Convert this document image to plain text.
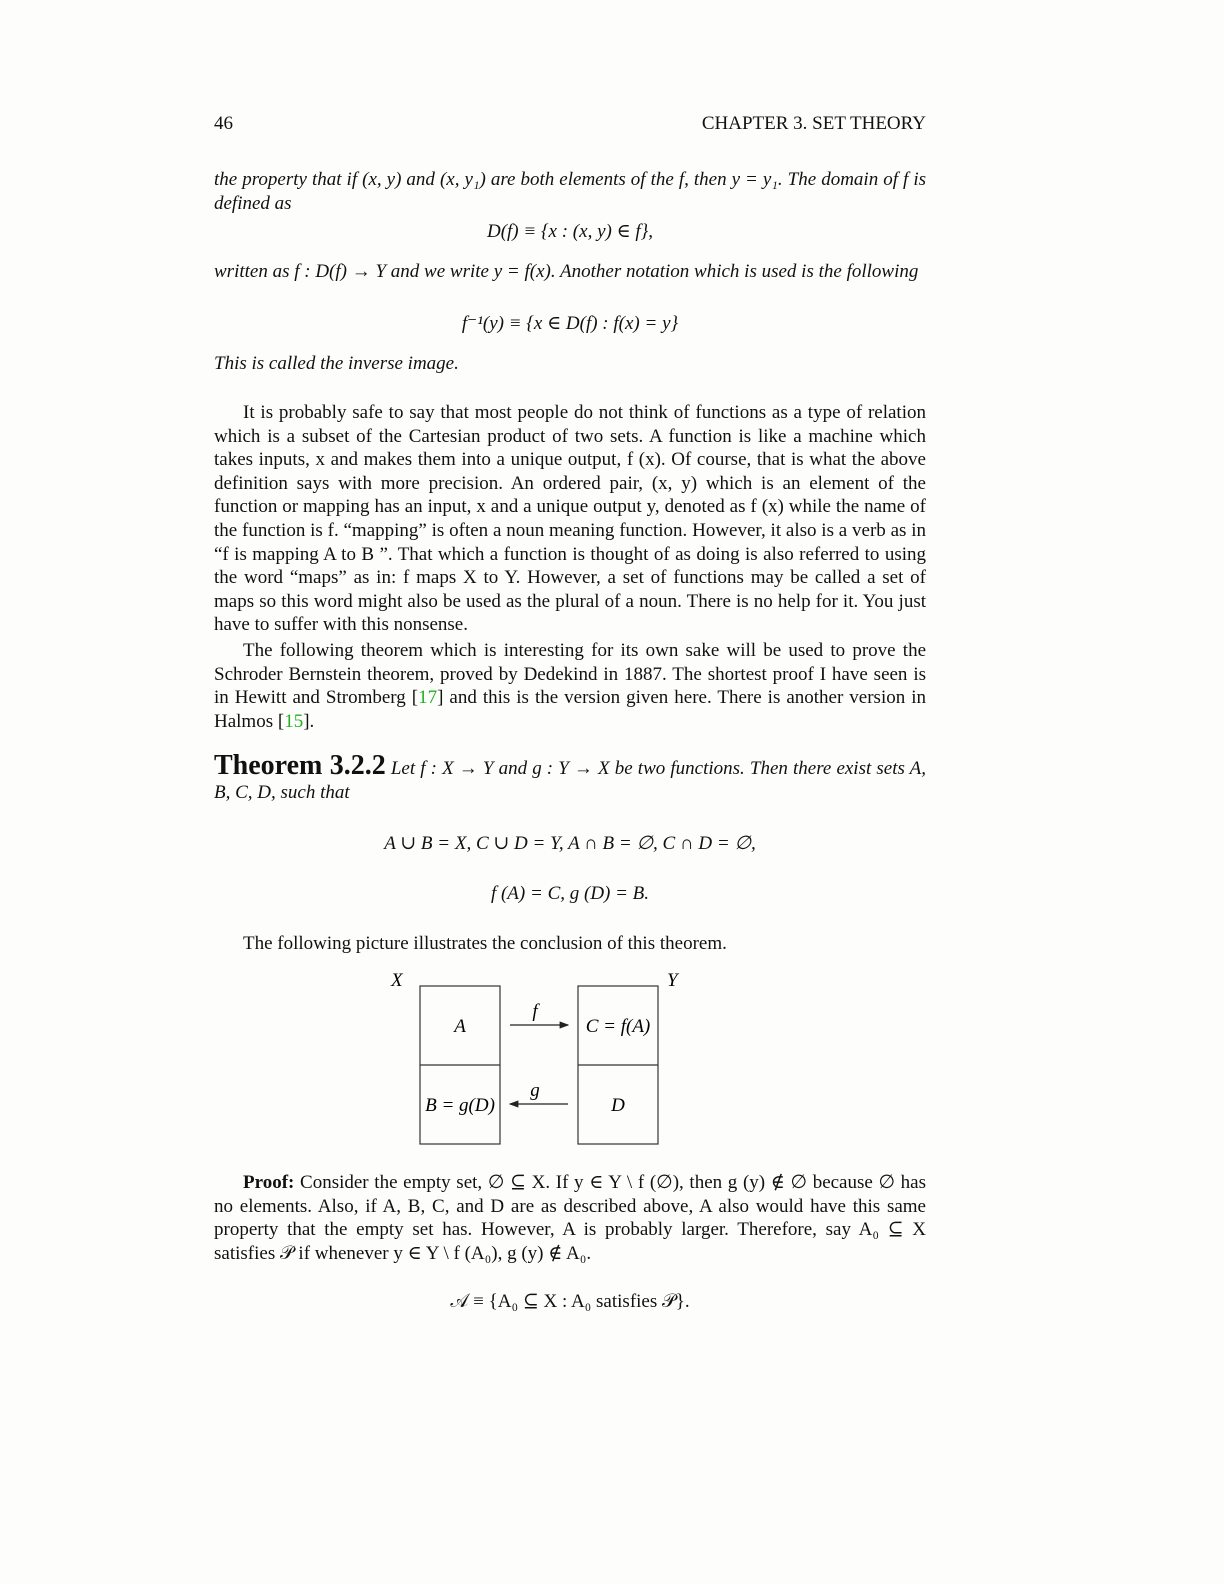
46	CHAPTER 3. SET THEORY
the property that if (x, y) and (x, y₁) are both elements of the f, then y = y₁. The domain of f is defined as
D(f) ≡ {x : (x, y) ∈ f},
written as f : D(f) → Y and we write y = f(x). Another notation which is used is the following
f⁻¹(y) ≡ {x ∈ D(f) : f(x) = y}
This is called the inverse image.
It is probably safe to say that most people do not think of functions as a type of relation which is a subset of the Cartesian product of two sets. A function is like a machine which takes inputs, x and makes them into a unique output, f (x). Of course, that is what the above definition says with more precision. An ordered pair, (x, y) which is an element of the function or mapping has an input, x and a unique output y, denoted as f (x) while the name of the function is f. “mapping” is often a noun meaning function. However, it also is a verb as in “f is mapping A to B ”. That which a function is thought of as doing is also referred to using the word “maps” as in: f maps X to Y. However, a set of functions may be called a set of maps so this word might also be used as the plural of a noun. There is no help for it. You just have to suffer with this nonsense.
The following theorem which is interesting for its own sake will be used to prove the Schroder Bernstein theorem, proved by Dedekind in 1887. The shortest proof I have seen is in Hewitt and Stromberg [17] and this is the version given here. There is another version in Halmos [15].
Theorem 3.2.2 Let f : X → Y and g : Y → X be two functions. Then there exist sets A, B, C, D, such that
A ∪ B = X, C ∪ D = Y, A ∩ B = ∅, C ∩ D = ∅,
f (A) = C, g (D) = B.
The following picture illustrates the conclusion of this theorem.
X	Y
A
B = g(D)
C = f(A)
D
f
g
Proof: Consider the empty set, ∅ ⊆ X. If y ∈ Y \ f (∅), then g (y) ∉ ∅ because ∅ has no elements. Also, if A, B, C, and D are as described above, A also would have this same property that the empty set has. However, A is probably larger. Therefore, say A₀ ⊆ X satisfies 𝒫 if whenever y ∈ Y \ f (A₀), g (y) ∉ A₀.
𝒜 ≡ {A₀ ⊆ X : A₀ satisfies 𝒫}.
